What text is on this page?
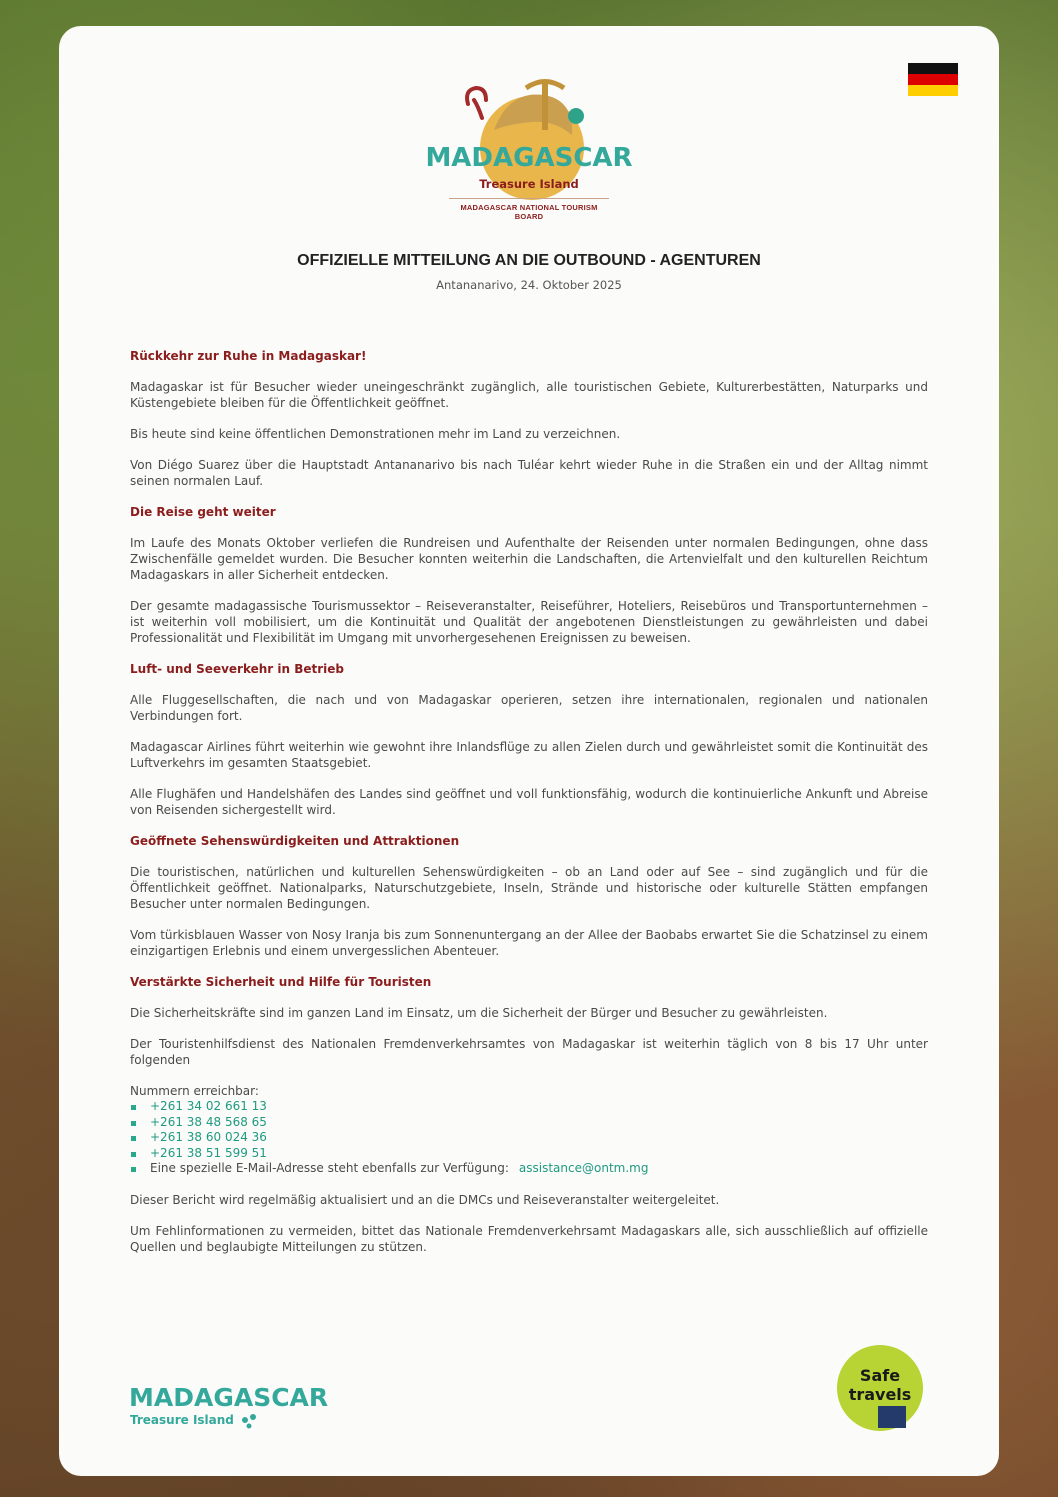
MADAGASCAR
Treasure Island
MADAGASCAR NATIONAL TOURISM BOARD
OFFIZIELLE MITTEILUNG AN DIE OUTBOUND - AGENTUREN
Antananarivo, 24. Oktober 2025
Rückkehr zur Ruhe in Madagaskar!

Madagaskar ist für Besucher wieder uneingeschränkt zugänglich, alle touristischen Gebiete, Kulturerbestätten, Naturparks und Küstengebiete bleiben für die Öffentlichkeit geöffnet.

Bis heute sind keine öffentlichen Demonstrationen mehr im Land zu verzeichnen.

Von Diégo Suarez über die Hauptstadt Antananarivo bis nach Tuléar kehrt wieder Ruhe in die Straßen ein und der Alltag nimmt seinen normalen Lauf.

Die Reise geht weiter

Im Laufe des Monats Oktober verliefen die Rundreisen und Aufenthalte der Reisenden unter normalen Bedingungen, ohne dass Zwischenfälle gemeldet wurden. Die Besucher konnten weiterhin die Landschaften, die Artenvielfalt und den kulturellen Reichtum Madagaskars in aller Sicherheit entdecken.

Der gesamte madagassische Tourismussektor – Reiseveranstalter, Reiseführer, Hoteliers, Reisebüros und Transportunternehmen – ist weiterhin voll mobilisiert, um die Kontinuität und Qualität der angebotenen Dienstleistungen zu gewährleisten und dabei Professionalität und Flexibilität im Umgang mit unvorhergesehenen Ereignissen zu beweisen.

Luft- und Seeverkehr in Betrieb

Alle Fluggesellschaften, die nach und von Madagaskar operieren, setzen ihre internationalen, regionalen und nationalen Verbindungen fort.

Madagascar Airlines führt weiterhin wie gewohnt ihre Inlandsflüge zu allen Zielen durch und gewährleistet somit die Kontinuität des Luftverkehrs im gesamten Staatsgebiet.

Alle Flughäfen und Handelshäfen des Landes sind geöffnet und voll funktionsfähig, wodurch die kontinuierliche Ankunft und Abreise von Reisenden sichergestellt wird.

Geöffnete Sehenswürdigkeiten und Attraktionen

Die touristischen, natürlichen und kulturellen Sehenswürdigkeiten – ob an Land oder auf See – sind zugänglich und für die Öffentlichkeit geöffnet. Nationalparks, Naturschutzgebiete, Inseln, Strände und historische oder kulturelle Stätten empfangen Besucher unter normalen Bedingungen.

Vom türkisblauen Wasser von Nosy Iranja bis zum Sonnenuntergang an der Allee der Baobabs erwartet Sie die Schatzinsel zu einem einzigartigen Erlebnis und einem unvergesslichen Abenteuer.

Verstärkte Sicherheit und Hilfe für Touristen

Die Sicherheitskräfte sind im ganzen Land im Einsatz, um die Sicherheit der Bürger und Besucher zu gewährleisten.

Der Touristenhilfsdienst des Nationalen Fremdenverkehrsamtes von Madagaskar ist weiterhin täglich von 8 bis 17 Uhr unter folgenden

Nummern erreichbar:

+261 34 02 661 13
+261 38 48 568 65
+261 38 60 024 36
+261 38 51 599 51
Eine spezielle E-Mail-Adresse steht ebenfalls zur Verfügung: assistance@ontm.mg

Dieser Bericht wird regelmäßig aktualisiert und an die DMCs und Reiseveranstalter weitergeleitet.

Um Fehlinformationen zu vermeiden, bittet das Nationale Fremdenverkehrsamt Madagaskars alle, sich ausschließlich auf offizielle Quellen und beglaubigte Mitteilungen zu stützen.

MADAGASCAR
Treasure Island
Safe
travels
